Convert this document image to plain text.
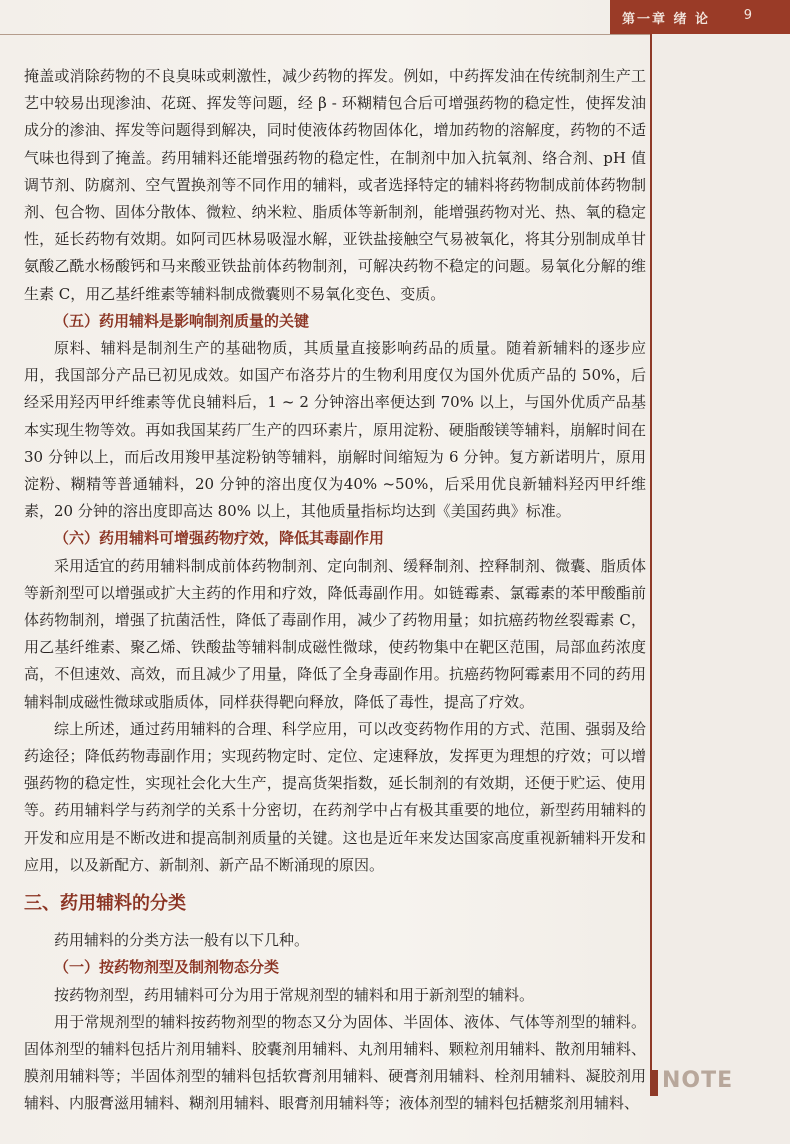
第一章 绪 论	9
NOTE

掩盖或消除药物的不良臭味或刺激性，减少药物的挥发。例如，中药挥发油在传统制剂生产工艺中较易出现渗油、花斑、挥发等问题，经 β - 环糊精包合后可增强药物的稳定性，使挥发油成分的渗油、挥发等问题得到解决，同时使液体药物固体化，增加药物的溶解度，药物的不适气味也得到了掩盖。药用辅料还能增强药物的稳定性，在制剂中加入抗氧剂、络合剂、pH 值调节剂、防腐剂、空气置换剂等不同作用的辅料，或者选择特定的辅料将药物制成前体药物制剂、包合物、固体分散体、微粒、纳米粒、脂质体等新制剂，能增强药物对光、热、氧的稳定性，延长药物有效期。如阿司匹林易吸湿水解，亚铁盐接触空气易被氧化，将其分别制成单甘氨酸乙酰水杨酸钙和马来酸亚铁盐前体药物制剂，可解决药物不稳定的问题。易氧化分解的维生素 C，用乙基纤维素等辅料制成微囊则不易氧化变色、变质。

（五）药用辅料是影响制剂质量的关键

原料、辅料是制剂生产的基础物质，其质量直接影响药品的质量。随着新辅料的逐步应用，我国部分产品已初见成效。如国产布洛芬片的生物利用度仅为国外优质产品的 50%，后经采用羟丙甲纤维素等优良辅料后，1 ~ 2 分钟溶出率便达到 70% 以上，与国外优质产品基本实现生物等效。再如我国某药厂生产的四环素片，原用淀粉、硬脂酸镁等辅料，崩解时间在 30 分钟以上，而后改用羧甲基淀粉钠等辅料，崩解时间缩短为 6 分钟。复方新诺明片，原用淀粉、糊精等普通辅料，20 分钟的溶出度仅为40% ~50%，后采用优良新辅料羟丙甲纤维素，20 分钟的溶出度即高达 80% 以上，其他质量指标均达到《美国药典》标准。

（六）药用辅料可增强药物疗效，降低其毒副作用

采用适宜的药用辅料制成前体药物制剂、定向制剂、缓释制剂、控释制剂、微囊、脂质体等新剂型可以增强或扩大主药的作用和疗效，降低毒副作用。如链霉素、氯霉素的苯甲酸酯前体药物制剂，增强了抗菌活性，降低了毒副作用，减少了药物用量；如抗癌药物丝裂霉素 C，用乙基纤维素、聚乙烯、铁酸盐等辅料制成磁性微球，使药物集中在靶区范围，局部血药浓度高，不但速效、高效，而且减少了用量，降低了全身毒副作用。抗癌药物阿霉素用不同的药用辅料制成磁性微球或脂质体，同样获得靶向释放，降低了毒性，提高了疗效。

综上所述，通过药用辅料的合理、科学应用，可以改变药物作用的方式、范围、强弱及给药途径；降低药物毒副作用；实现药物定时、定位、定速释放，发挥更为理想的疗效；可以增强药物的稳定性，实现社会化大生产，提高货架指数，延长制剂的有效期，还便于贮运、使用等。药用辅料学与药剂学的关系十分密切，在药剂学中占有极其重要的地位，新型药用辅料的开发和应用是不断改进和提高制剂质量的关键。这也是近年来发达国家高度重视新辅料开发和应用，以及新配方、新制剂、新产品不断涌现的原因。

三、药用辅料的分类

药用辅料的分类方法一般有以下几种。

（一）按药物剂型及制剂物态分类

按药物剂型，药用辅料可分为用于常规剂型的辅料和用于新剂型的辅料。

用于常规剂型的辅料按药物剂型的物态又分为固体、半固体、液体、气体等剂型的辅料。固体剂型的辅料包括片剂用辅料、胶囊剂用辅料、丸剂用辅料、颗粒剂用辅料、散剂用辅料、膜剂用辅料等；半固体剂型的辅料包括软膏剂用辅料、硬膏剂用辅料、栓剂用辅料、凝胶剂用辅料、内服膏滋用辅料、糊剂用辅料、眼膏剂用辅料等；液体剂型的辅料包括糖浆剂用辅料、
